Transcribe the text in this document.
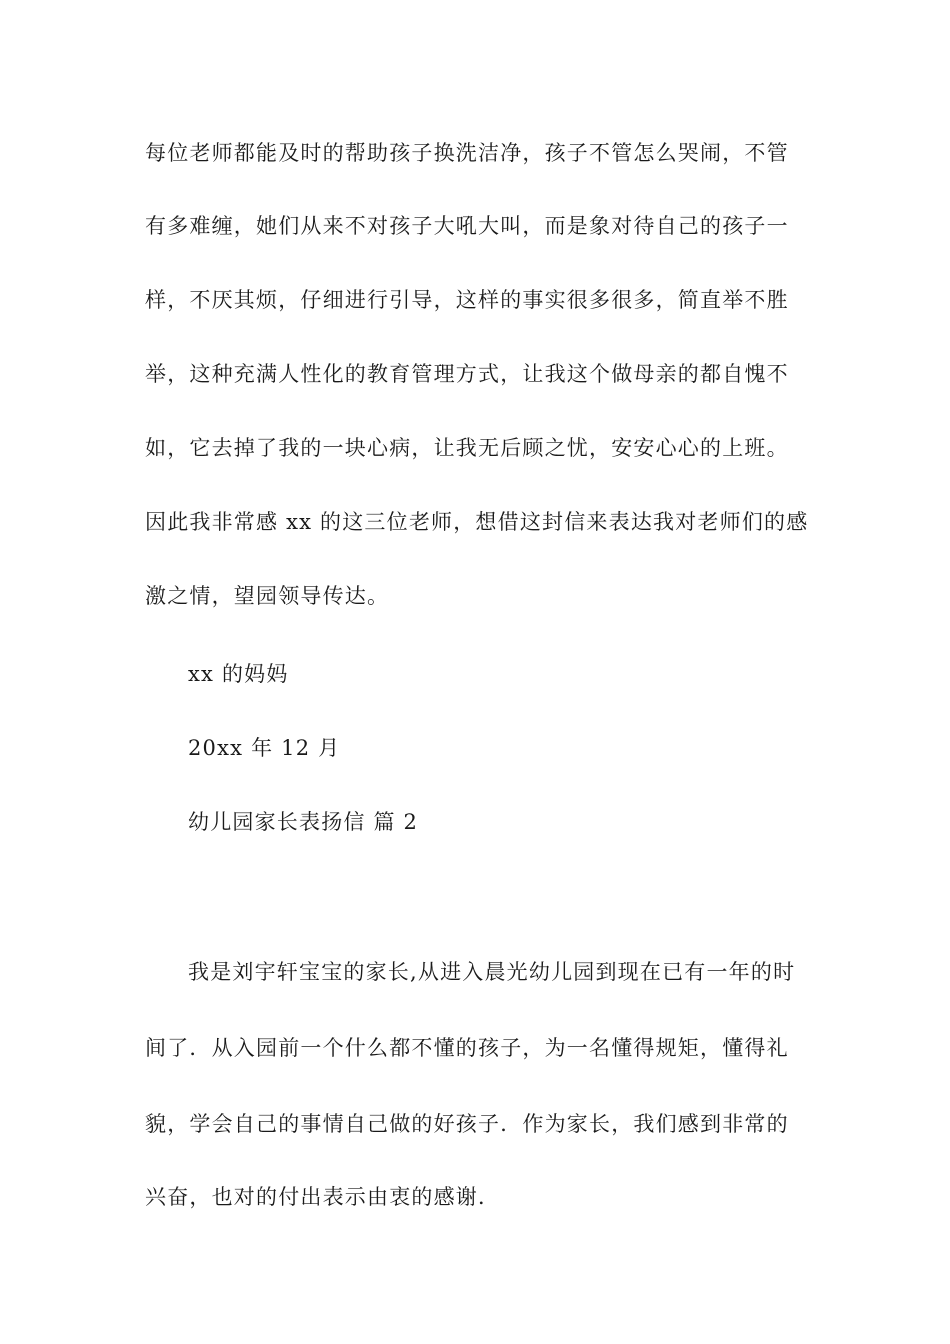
每位老师都能及时的帮助孩子换洗洁净，孩子不管怎么哭闹，不管
有多难缠，她们从来不对孩子大吼大叫，而是象对待自己的孩子一
样，不厌其烦，仔细进行引导，这样的事实很多很多，简直举不胜
举，这种充满人性化的教育管理方式，让我这个做母亲的都自愧不
如，它去掉了我的一块心病，让我无后顾之忧，安安心心的上班。
因此我非常感 xx 的这三位老师，想借这封信来表达我对老师们的感
激之情，望园领导传达。
xx 的妈妈
20xx 年 12 月
幼儿园家长表扬信 篇 2
我是刘宇轩宝宝的家长,从进入晨光幼儿园到现在已有一年的时
间了．从入园前一个什么都不懂的孩子，为一名懂得规矩，懂得礼
貌，学会自己的事情自己做的好孩子．作为家长，我们感到非常的
兴奋，也对的付出表示由衷的感谢．
